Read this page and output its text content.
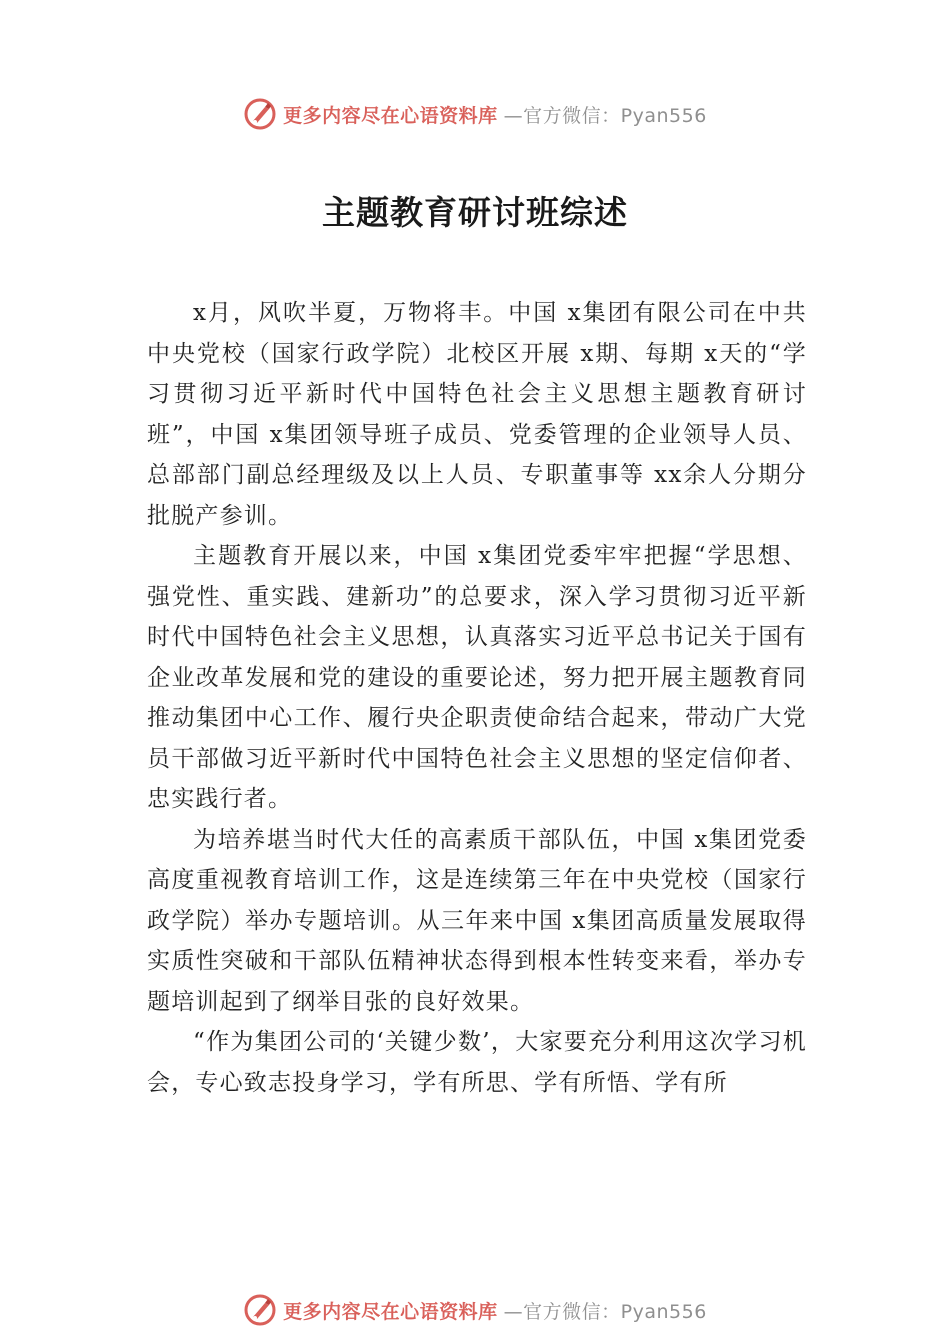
更多内容尽在心语资料库 —官方微信：Pyan556
主题教育研讨班综述

x月，风吹半夏，万物将丰。中国 x集团有限公司在中共中央党校（国家行政学院）北校区开展 x期、每期 x天的“学习贯彻习近平新时代中国特色社会主义思想主题教育研讨班”，中国 x集团领导班子成员、党委管理的企业领导人员、总部部门副总经理级及以上人员、专职董事等 xx余人分期分批脱产参训。

主题教育开展以来，中国 x集团党委牢牢把握“学思想、强党性、重实践、建新功”的总要求，深入学习贯彻习近平新时代中国特色社会主义思想，认真落实习近平总书记关于国有企业改革发展和党的建设的重要论述，努力把开展主题教育同推动集团中心工作、履行央企职责使命结合起来，带动广大党员干部做习近平新时代中国特色社会主义思想的坚定信仰者、忠实践行者。

为培养堪当时代大任的高素质干部队伍，中国 x集团党委高度重视教育培训工作，这是连续第三年在中央党校（国家行政学院）举办专题培训。从三年来中国 x集团高质量发展取得实质性突破和干部队伍精神状态得到根本性转变来看，举办专题培训起到了纲举目张的良好效果。

“作为集团公司的‘关键少数’，大家要充分利用这次学习机会，专心致志投身学习，学有所思、学有所悟、学有所

更多内容尽在心语资料库 —官方微信：Pyan556
